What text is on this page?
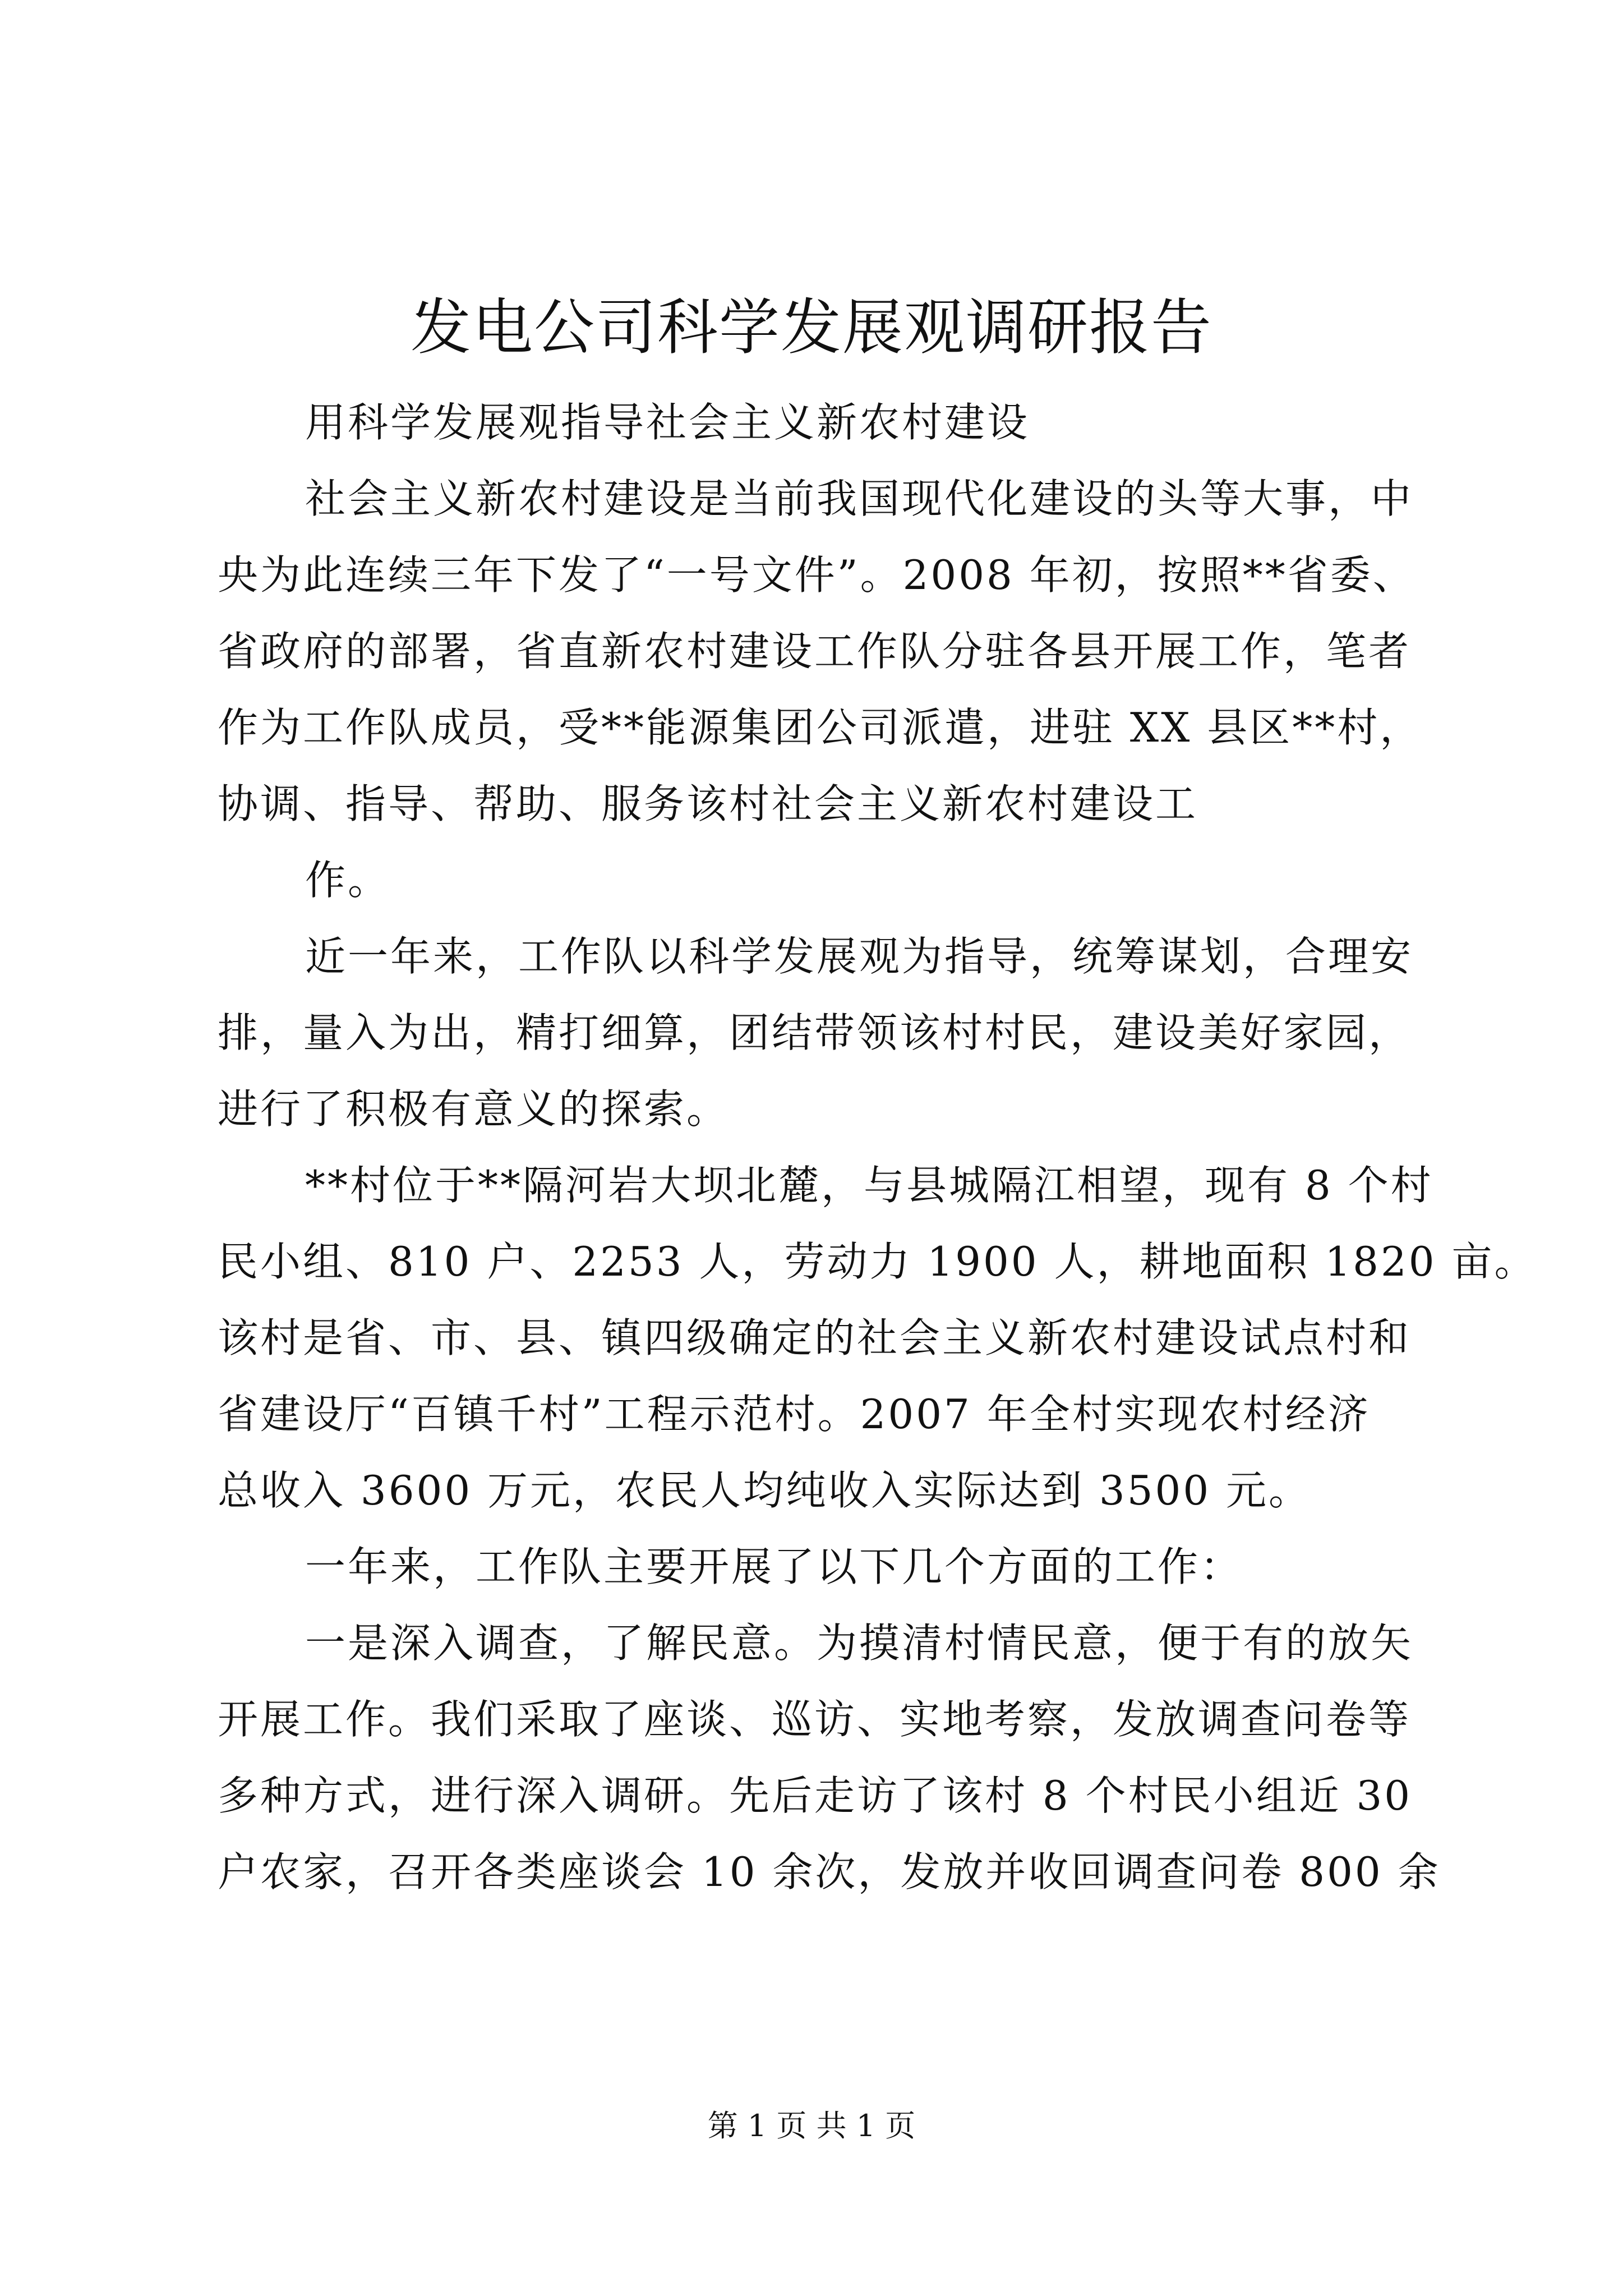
发电公司科学发展观调研报告
用科学发展观指导社会主义新农村建设
社会主义新农村建设是当前我国现代化建设的头等大事，中
央为此连续三年下发了“一号文件”。2008 年初，按照**省委、
省政府的部署，省直新农村建设工作队分驻各县开展工作，笔者
作为工作队成员，受**能源集团公司派遣，进驻 XX 县区**村，
协调、指导、帮助、服务该村社会主义新农村建设工
作。
近一年来，工作队以科学发展观为指导，统筹谋划，合理安
排，量入为出，精打细算，团结带领该村村民，建设美好家园，
进行了积极有意义的探索。
**村位于**隔河岩大坝北麓，与县城隔江相望，现有 8 个村
民小组、810 户、2253 人，劳动力 1900 人，耕地面积 1820 亩。
该村是省、市、县、镇四级确定的社会主义新农村建设试点村和
省建设厅“百镇千村”工程示范村。2007 年全村实现农村经济
总收入 3600 万元，农民人均纯收入实际达到 3500 元。
一年来，工作队主要开展了以下几个方面的工作：
一是深入调查，了解民意。为摸清村情民意，便于有的放矢
开展工作。我们采取了座谈、巡访、实地考察，发放调查问卷等
多种方式，进行深入调研。先后走访了该村 8 个村民小组近 30
户农家，召开各类座谈会 10 余次，发放并收回调查问卷 800 余
第 1 页 共 1 页
